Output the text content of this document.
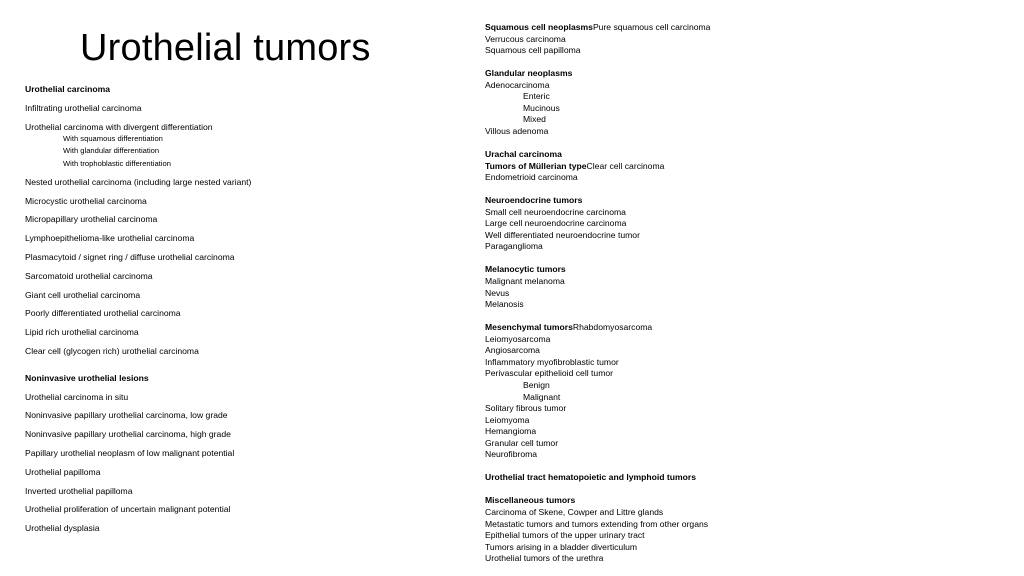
Urothelial tumors
Urothelial carcinoma
Infiltrating urothelial carcinoma
Urothelial carcinoma with divergent differentiation
With squamous differentiation
With glandular differentiation
With trophoblastic differentiation
Nested urothelial carcinoma (including large nested variant)
Microcystic urothelial carcinoma
Micropapillary urothelial carcinoma
Lymphoepithelioma-like urothelial carcinoma
Plasmacytoid / signet ring / diffuse urothelial carcinoma
Sarcomatoid urothelial carcinoma
Giant cell urothelial carcinoma
Poorly differentiated urothelial carcinoma
Lipid rich urothelial carcinoma
Clear cell (glycogen rich) urothelial carcinoma
Noninvasive urothelial lesions
Urothelial carcinoma in situ
Noninvasive papillary urothelial carcinoma, low grade
Noninvasive papillary urothelial carcinoma, high grade
Papillary urothelial neoplasm of low malignant potential
Urothelial papilloma
Inverted urothelial papilloma
Urothelial proliferation of uncertain malignant potential
Urothelial dysplasia
Squamous cell neoplasmsPure squamous cell carcinoma
Verrucous carcinoma
Squamous cell papilloma
Glandular neoplasms
Adenocarcinoma
Enteric
Mucinous
Mixed
Villous adenoma
Urachal carcinoma
Tumors of Müllerian typeClear cell carcinoma
Endometrioid carcinoma
Neuroendocrine tumors
Small cell neuroendocrine carcinoma
Large cell neuroendocrine carcinoma
Well differentiated neuroendocrine tumor
Paraganglioma
Melanocytic tumors
Malignant melanoma
Nevus
Melanosis
Mesenchymal tumorsRhabdomyosarcoma
Leiomyosarcoma
Angiosarcoma
Inflammatory myofibroblastic tumor
Perivascular epithelioid cell tumor
Benign
Malignant
Solitary fibrous tumor
Leiomyoma
Hemangioma
Granular cell tumor
Neurofibroma
Urothelial tract hematopoietic and lymphoid tumors
Miscellaneous tumors
Carcinoma of Skene, Cowper and Littre glands
Metastatic tumors and tumors extending from other organs
Epithelial tumors of the upper urinary tract
Tumors arising in a bladder diverticulum
Urothelial tumors of the urethra
